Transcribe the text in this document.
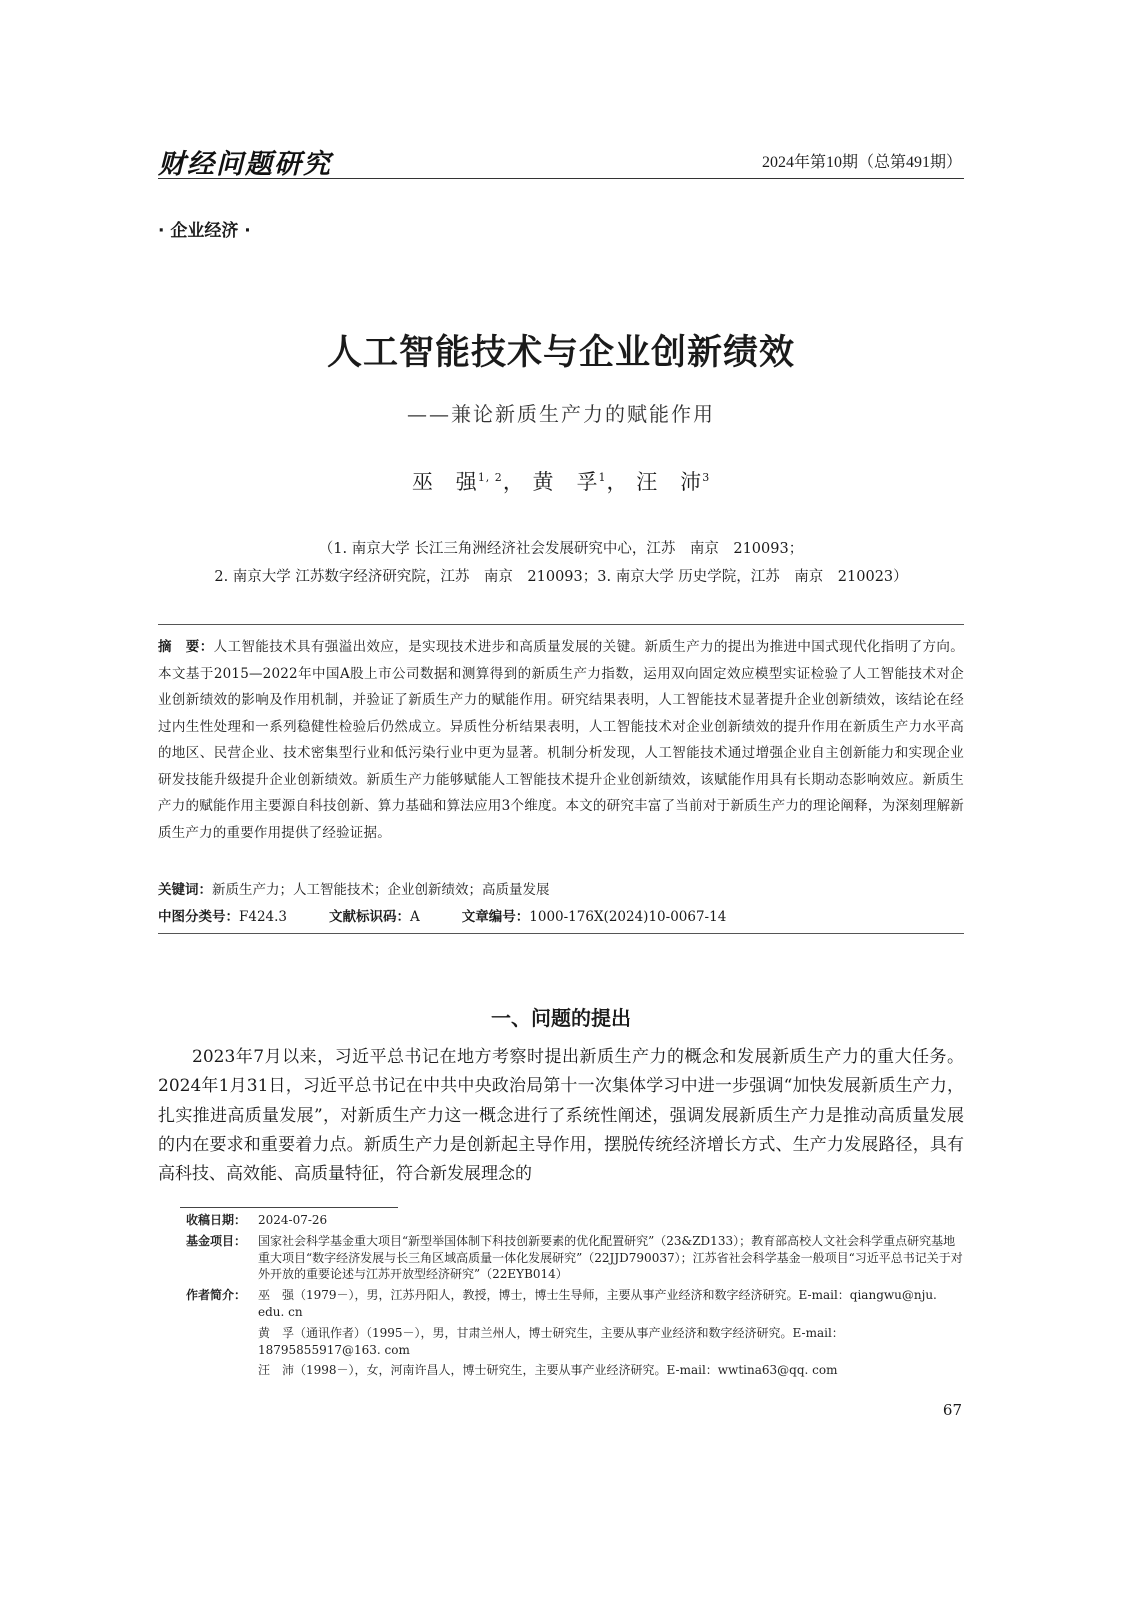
财经问题研究	2024年第10期（总第491期）
· 企业经济 ·
人工智能技术与企业创新绩效
——兼论新质生产力的赋能作用
巫　强$^{1, 2}$， 黄　孚$^1$， 汪　沛$^3$
（1. 南京大学 长江三角洲经济社会发展研究中心，江苏　南京　210093；
2. 南京大学 江苏数字经济研究院，江苏　南京　210093；3. 南京大学 历史学院，江苏　南京　210023）
摘　要：人工智能技术具有强溢出效应，是实现技术进步和高质量发展的关键。新质生产力的提出为推进中国式现代化指明了方向。本文基于2015—2022年中国A股上市公司数据和测算得到的新质生产力指数，运用双向固定效应模型实证检验了人工智能技术对企业创新绩效的影响及作用机制，并验证了新质生产力的赋能作用。研究结果表明，人工智能技术显著提升企业创新绩效，该结论在经过内生性处理和一系列稳健性检验后仍然成立。异质性分析结果表明，人工智能技术对企业创新绩效的提升作用在新质生产力水平高的地区、民营企业、技术密集型行业和低污染行业中更为显著。机制分析发现，人工智能技术通过增强企业自主创新能力和实现企业研发技能升级提升企业创新绩效。新质生产力能够赋能人工智能技术提升企业创新绩效，该赋能作用具有长期动态影响效应。新质生产力的赋能作用主要源自科技创新、算力基础和算法应用3个维度。本文的研究丰富了当前对于新质生产力的理论阐释，为深刻理解新质生产力的重要作用提供了经验证据。
关键词：新质生产力；人工智能技术；企业创新绩效；高质量发展
中图分类号：F424.3	文献标识码：A	文章编号：1000-176X(2024)10-0067-14
一、问题的提出

2023年7月以来，习近平总书记在地方考察时提出新质生产力的概念和发展新质生产力的重大任务。2024年1月31日，习近平总书记在中共中央政治局第十一次集体学习中进一步强调“加快发展新质生产力，扎实推进高质量发展”，对新质生产力这一概念进行了系统性阐述，强调发展新质生产力是推动高质量发展的内在要求和重要着力点。新质生产力是创新起主导作用，摆脱传统经济增长方式、生产力发展路径，具有高科技、高效能、高质量特征，符合新发展理念的

收稿日期： 2024-07-26

基金项目： 国家社会科学基金重大项目“新型举国体制下科技创新要素的优化配置研究”（23&ZD133）；教育部高校人文社会科学重点研究基地重大项目“数字经济发展与长三角区域高质量一体化发展研究”（22JJD790037）；江苏省社会科学基金一般项目“习近平总书记关于对外开放的重要论述与江苏开放型经济研究”（22EYB014）

作者简介： 巫　强（1979－），男，江苏丹阳人，教授，博士，博士生导师，主要从事产业经济和数字经济研究。E-mail：qiangwu@nju. edu. cn

黄　孚（通讯作者）（1995－），男，甘肃兰州人，博士研究生，主要从事产业经济和数字经济研究。E-mail：18795855917@163. com

汪　沛（1998－），女，河南许昌人，博士研究生，主要从事产业经济研究。E-mail：wwtina63@qq. com

67
